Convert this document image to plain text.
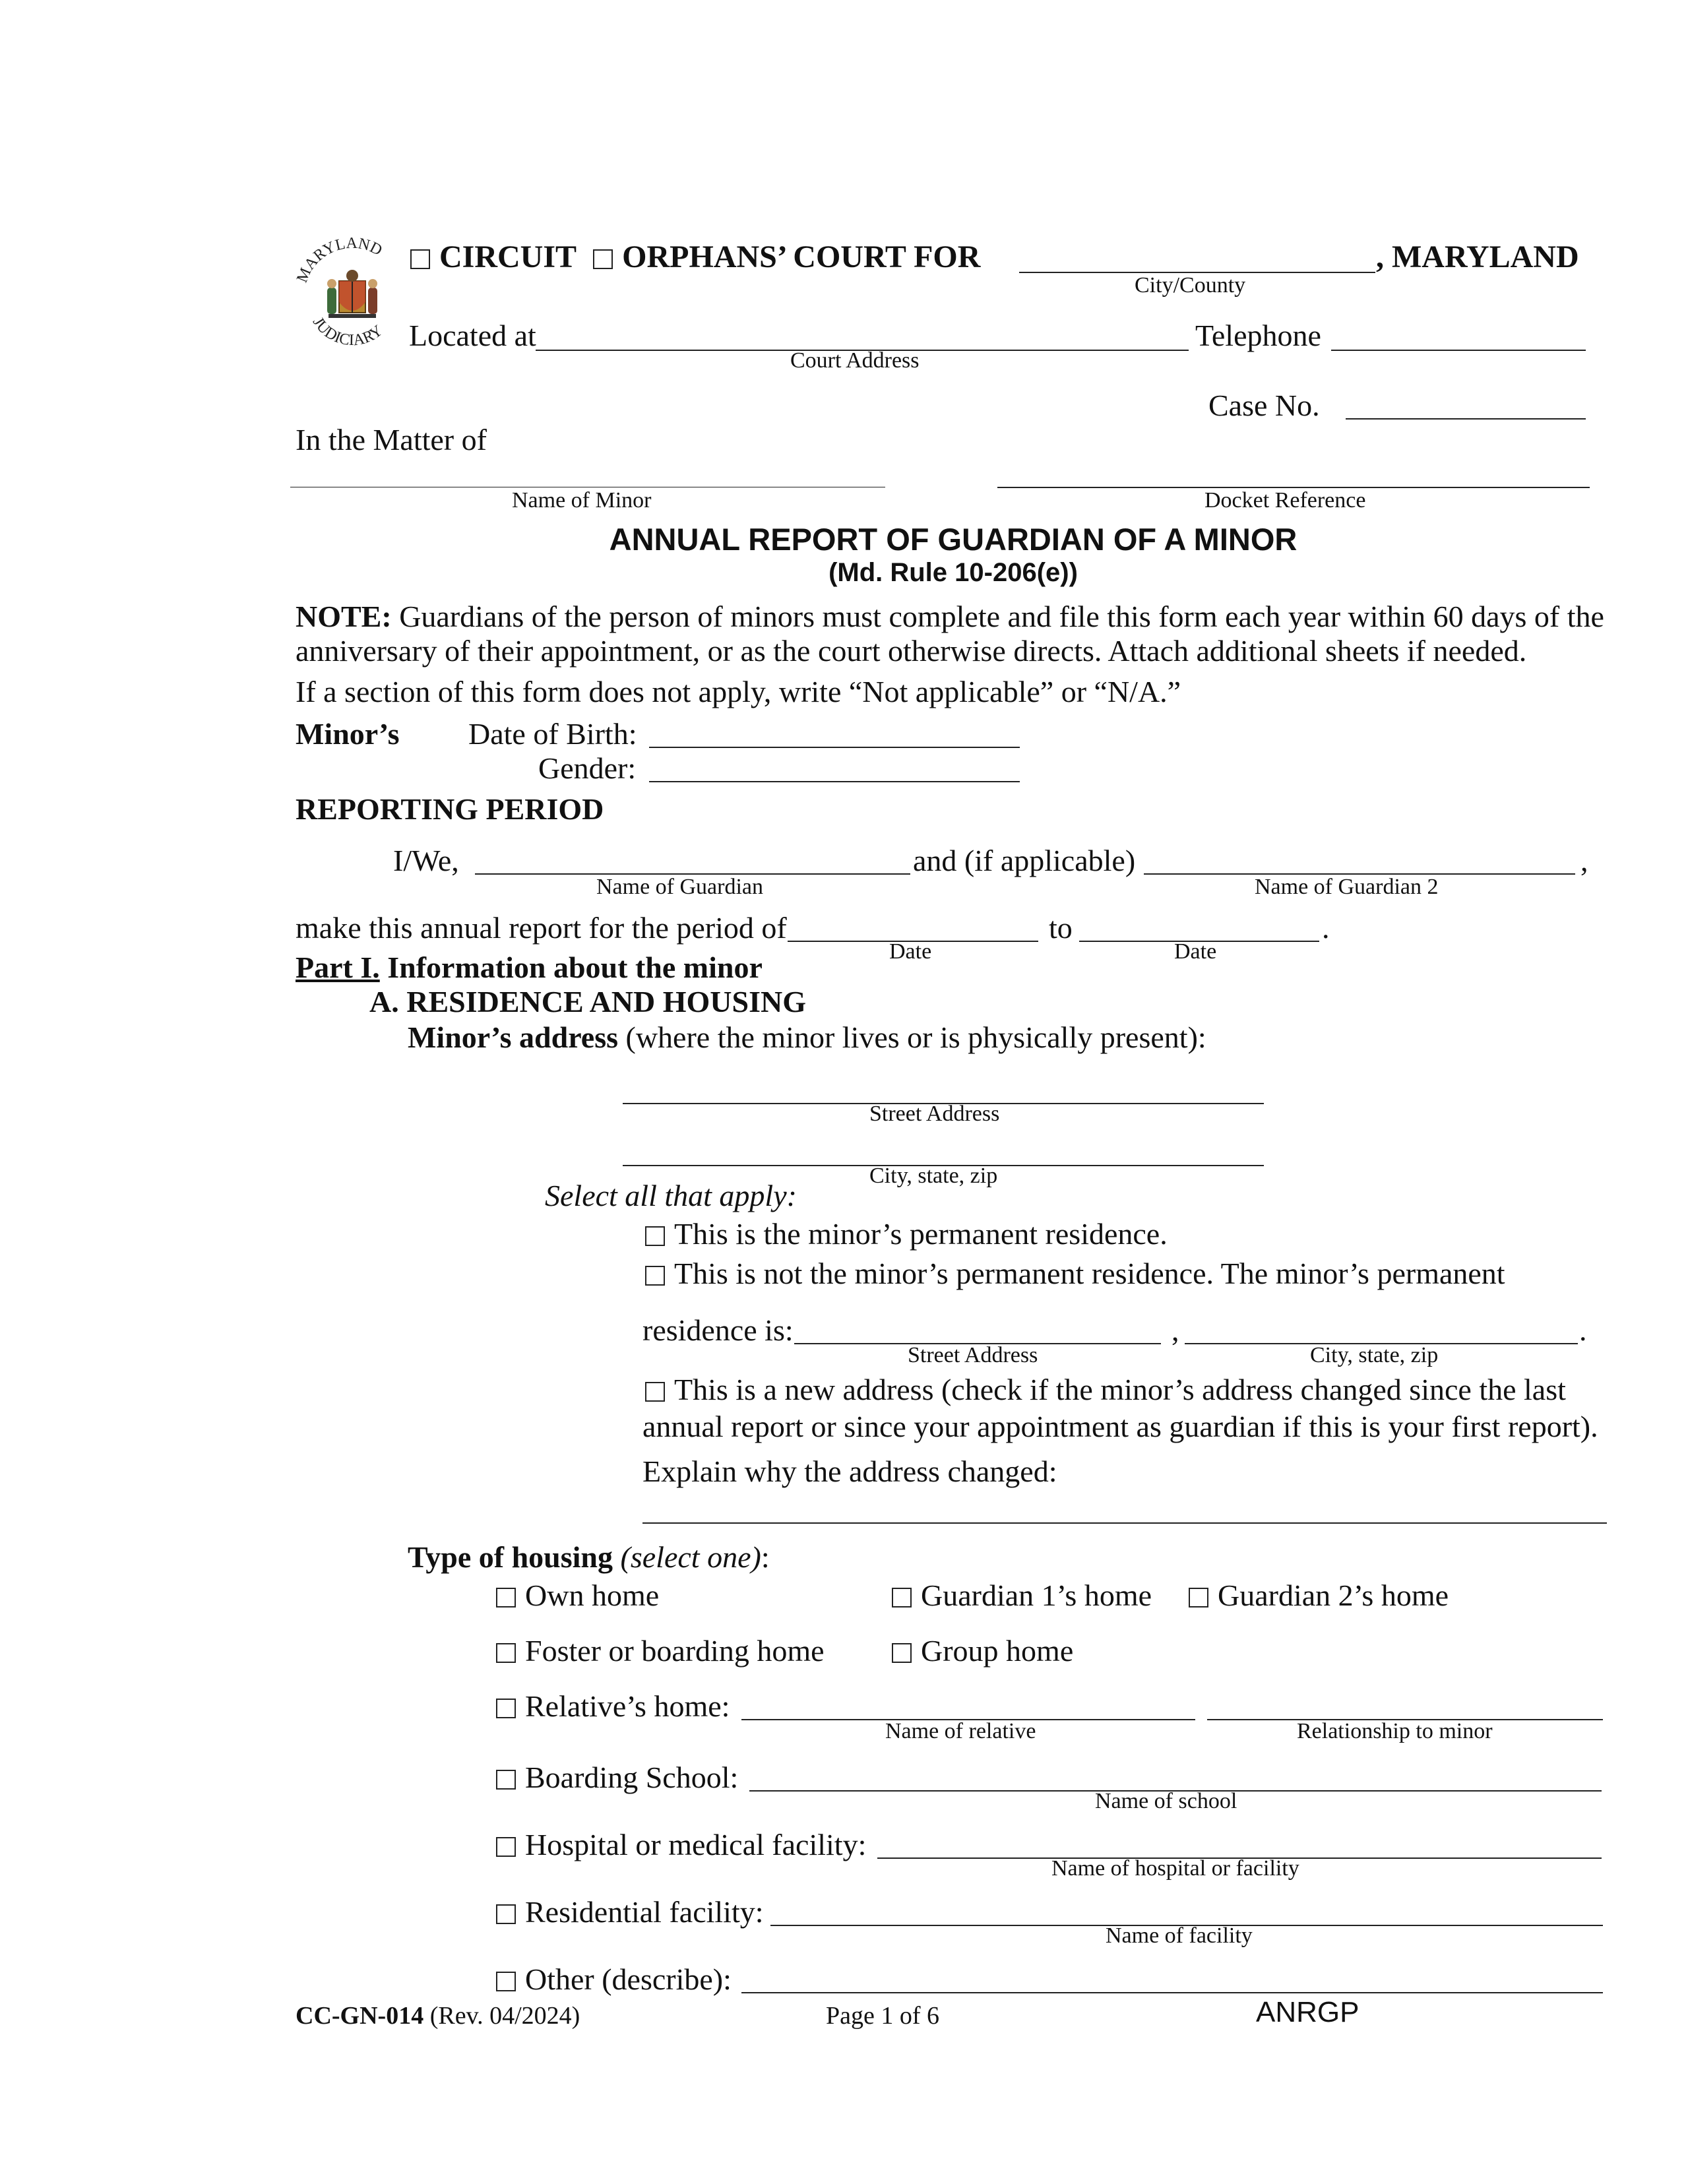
MARYLAND
JUDICIARY
CIRCUIT ORPHANS’ COURT FOR	, MARYLAND
City/County
Located at
Court Address
Telephone
Case No.
In the Matter of
Name of Minor	Docket Reference
ANNUAL REPORT OF GUARDIAN OF A MINOR
(Md. Rule 10-206(e))
NOTE: Guardians of the person of minors must complete and file this form each year within 60 days of the
anniversary of their appointment, or as the court otherwise directs. Attach additional sheets if needed.
If a section of this form does not apply, write “Not applicable” or “N/A.”
Minor’s Date of Birth:
Gender:
REPORTING PERIOD
I/We,
Name of Guardian
and (if applicable)
Name of Guardian 2
,
make this annual report for the period of
Date
to
Date
.
Part I. Information about the minor
A. RESIDENCE AND HOUSING
Minor’s address (where the minor lives or is physically present):
Street Address
City, state, zip
Select all that apply:
This is the minor’s permanent residence.
This is not the minor’s permanent residence. The minor’s permanent
residence is:
Street Address
,
City, state, zip
.
This is a new address (check if the minor’s address changed since the last
annual report or since your appointment as guardian if this is your first report).
Explain why the address changed:
Type of housing (select one):
Own home	Guardian 1’s home	Guardian 2’s home
Foster or boarding home	Group home
Relative’s home:
Name of relative	Relationship to minor
Boarding School:
Name of school
Hospital or medical facility:
Name of hospital or facility
Residential facility:
Name of facility
Other (describe):
CC-GN-014 (Rev. 04/2024)	Page 1 of 6	ANRGP
